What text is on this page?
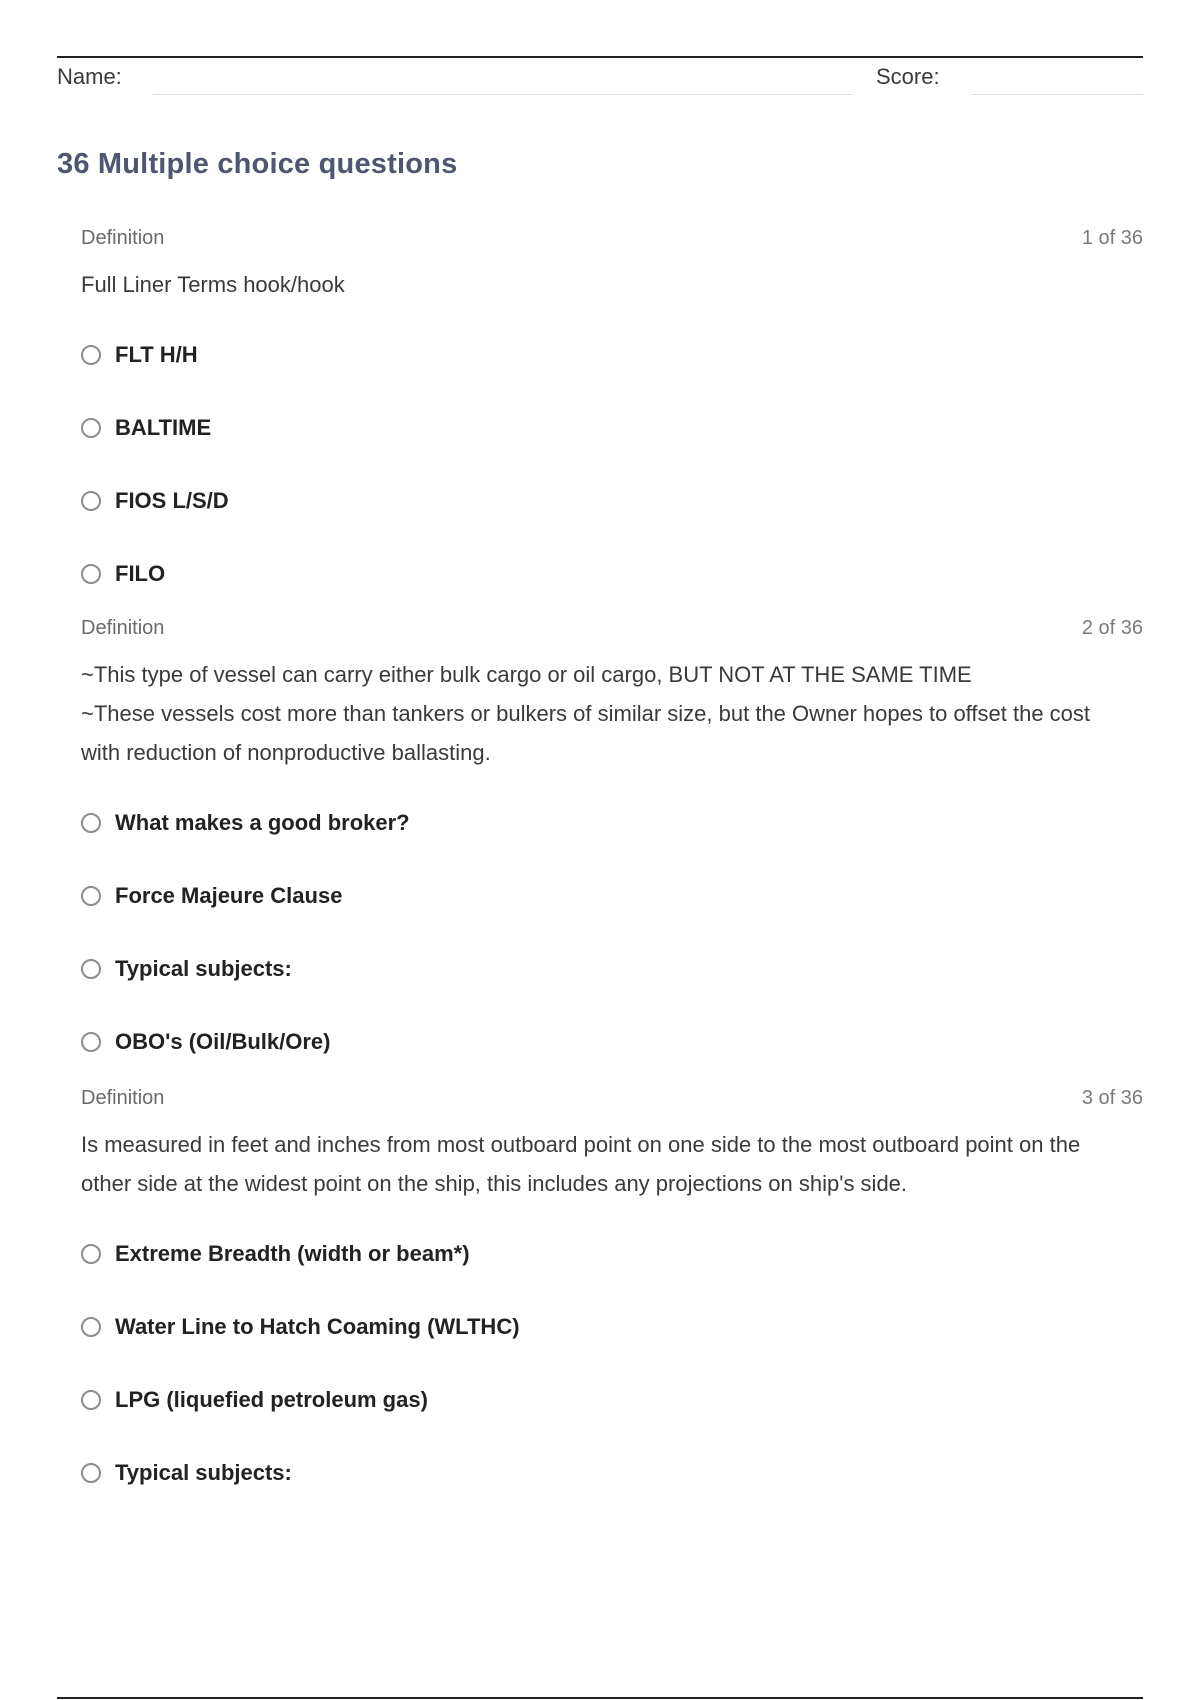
Name:	Score:
36 Multiple choice questions
Definition	1 of 36
Full Liner Terms hook/hook
FLT H/H
BALTIME
FIOS L/S/D
FILO
Definition	2 of 36
~This type of vessel can carry either bulk cargo or oil cargo, BUT NOT AT THE SAME TIME
~These vessels cost more than tankers or bulkers of similar size, but the Owner hopes to offset the cost with reduction of nonproductive ballasting.
What makes a good broker?
Force Majeure Clause
Typical subjects:
OBO's (Oil/Bulk/Ore)
Definition	3 of 36
Is measured in feet and inches from most outboard point on one side to the most outboard point on the other side at the widest point on the ship, this includes any projections on ship's side.
Extreme Breadth (width or beam*)
Water Line to Hatch Coaming (WLTHC)
LPG (liquefied petroleum gas)
Typical subjects:
